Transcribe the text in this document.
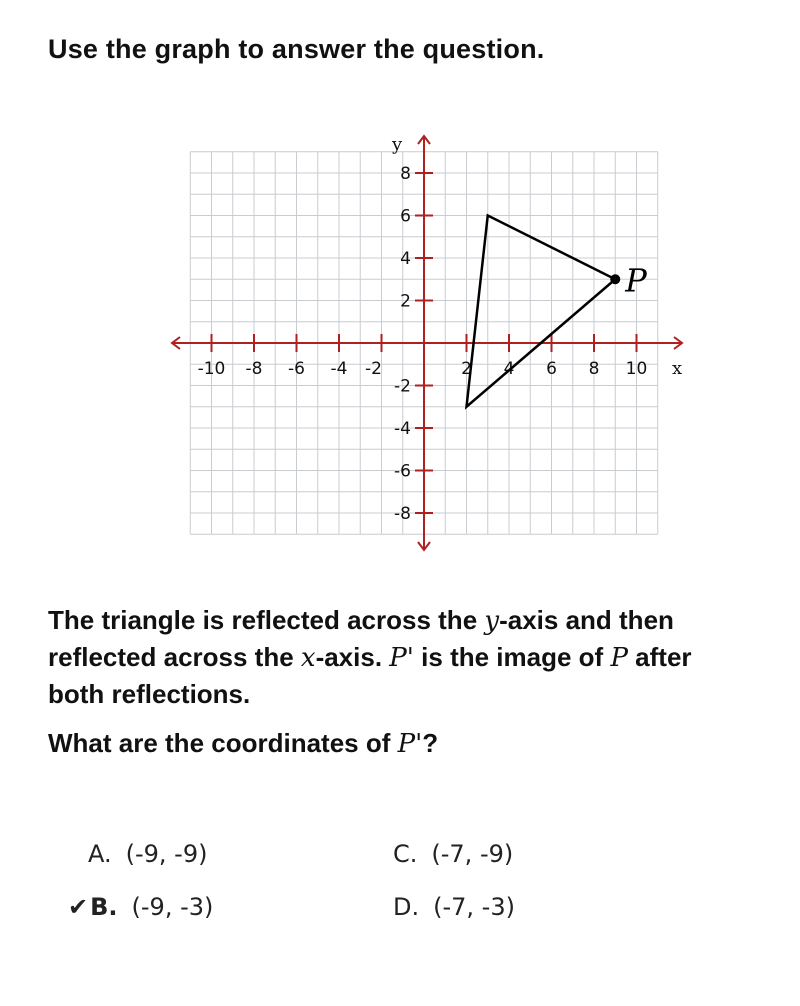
Use the graph to answer the question.
-10 -8 -6 -4 -2	2 4 6 8 10
8
6
4
2
-2
-4
-6
-8
y
x
P
The triangle is reflected across the y-axis and then reflected across the x-axis. P' is the image of P after both reflections.
What are the coordinates of P'?
A. (-9, -9)
✔B. (-9, -3)
C. (-7, -9)
D. (-7, -3)
